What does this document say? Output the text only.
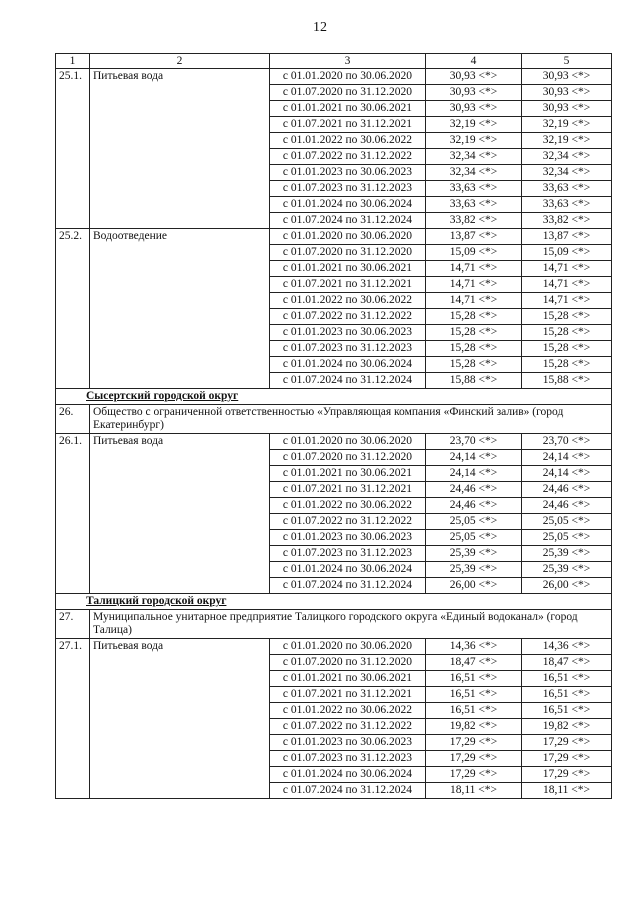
12
1	2	3	4	5
25.1.	Питьевая вода	с 01.01.2020 по 30.06.2020	30,93 <*>	30,93 <*>
		с 01.07.2020 по 31.12.2020	30,93 <*>	30,93 <*>
		с 01.01.2021 по 30.06.2021	30,93 <*>	30,93 <*>
		с 01.07.2021 по 31.12.2021	32,19 <*>	32,19 <*>
		с 01.01.2022 по 30.06.2022	32,19 <*>	32,19 <*>
		с 01.07.2022 по 31.12.2022	32,34 <*>	32,34 <*>
		с 01.01.2023 по 30.06.2023	32,34 <*>	32,34 <*>
		с 01.07.2023 по 31.12.2023	33,63 <*>	33,63 <*>
		с 01.01.2024 по 30.06.2024	33,63 <*>	33,63 <*>
		с 01.07.2024 по 31.12.2024	33,82 <*>	33,82 <*>
25.2.	Водоотведение	с 01.01.2020 по 30.06.2020	13,87 <*>	13,87 <*>
		с 01.07.2020 по 31.12.2020	15,09 <*>	15,09 <*>
		с 01.01.2021 по 30.06.2021	14,71 <*>	14,71 <*>
		с 01.07.2021 по 31.12.2021	14,71 <*>	14,71 <*>
		с 01.01.2022 по 30.06.2022	14,71 <*>	14,71 <*>
		с 01.07.2022 по 31.12.2022	15,28 <*>	15,28 <*>
		с 01.01.2023 по 30.06.2023	15,28 <*>	15,28 <*>
		с 01.07.2023 по 31.12.2023	15,28 <*>	15,28 <*>
		с 01.01.2024 по 30.06.2024	15,28 <*>	15,28 <*>
		с 01.07.2024 по 31.12.2024	15,88 <*>	15,88 <*>
Сысертский городской округ				
26.	Общество с ограниченной ответственностью «Управляющая компания «Финский залив» (город Екатеринбург)			
26.1.	Питьевая вода	с 01.01.2020 по 30.06.2020	23,70 <*>	23,70 <*>
		с 01.07.2020 по 31.12.2020	24,14 <*>	24,14 <*>
		с 01.01.2021 по 30.06.2021	24,14 <*>	24,14 <*>
		с 01.07.2021 по 31.12.2021	24,46 <*>	24,46 <*>
		с 01.01.2022 по 30.06.2022	24,46 <*>	24,46 <*>
		с 01.07.2022 по 31.12.2022	25,05 <*>	25,05 <*>
		с 01.01.2023 по 30.06.2023	25,05 <*>	25,05 <*>
		с 01.07.2023 по 31.12.2023	25,39 <*>	25,39 <*>
		с 01.01.2024 по 30.06.2024	25,39 <*>	25,39 <*>
		с 01.07.2024 по 31.12.2024	26,00 <*>	26,00 <*>
Талицкий городской округ				
27.	Муниципальное унитарное предприятие Талицкого городского округа «Единый водоканал» (город Талица)			
27.1.	Питьевая вода	с 01.01.2020 по 30.06.2020	14,36 <*>	14,36 <*>
		с 01.07.2020 по 31.12.2020	18,47 <*>	18,47 <*>
		с 01.01.2021 по 30.06.2021	16,51 <*>	16,51 <*>
		с 01.07.2021 по 31.12.2021	16,51 <*>	16,51 <*>
		с 01.01.2022 по 30.06.2022	16,51 <*>	16,51 <*>
		с 01.07.2022 по 31.12.2022	19,82 <*>	19,82 <*>
		с 01.01.2023 по 30.06.2023	17,29 <*>	17,29 <*>
		с 01.07.2023 по 31.12.2023	17,29 <*>	17,29 <*>
		с 01.01.2024 по 30.06.2024	17,29 <*>	17,29 <*>
		с 01.07.2024 по 31.12.2024	18,11 <*>	18,11 <*>
